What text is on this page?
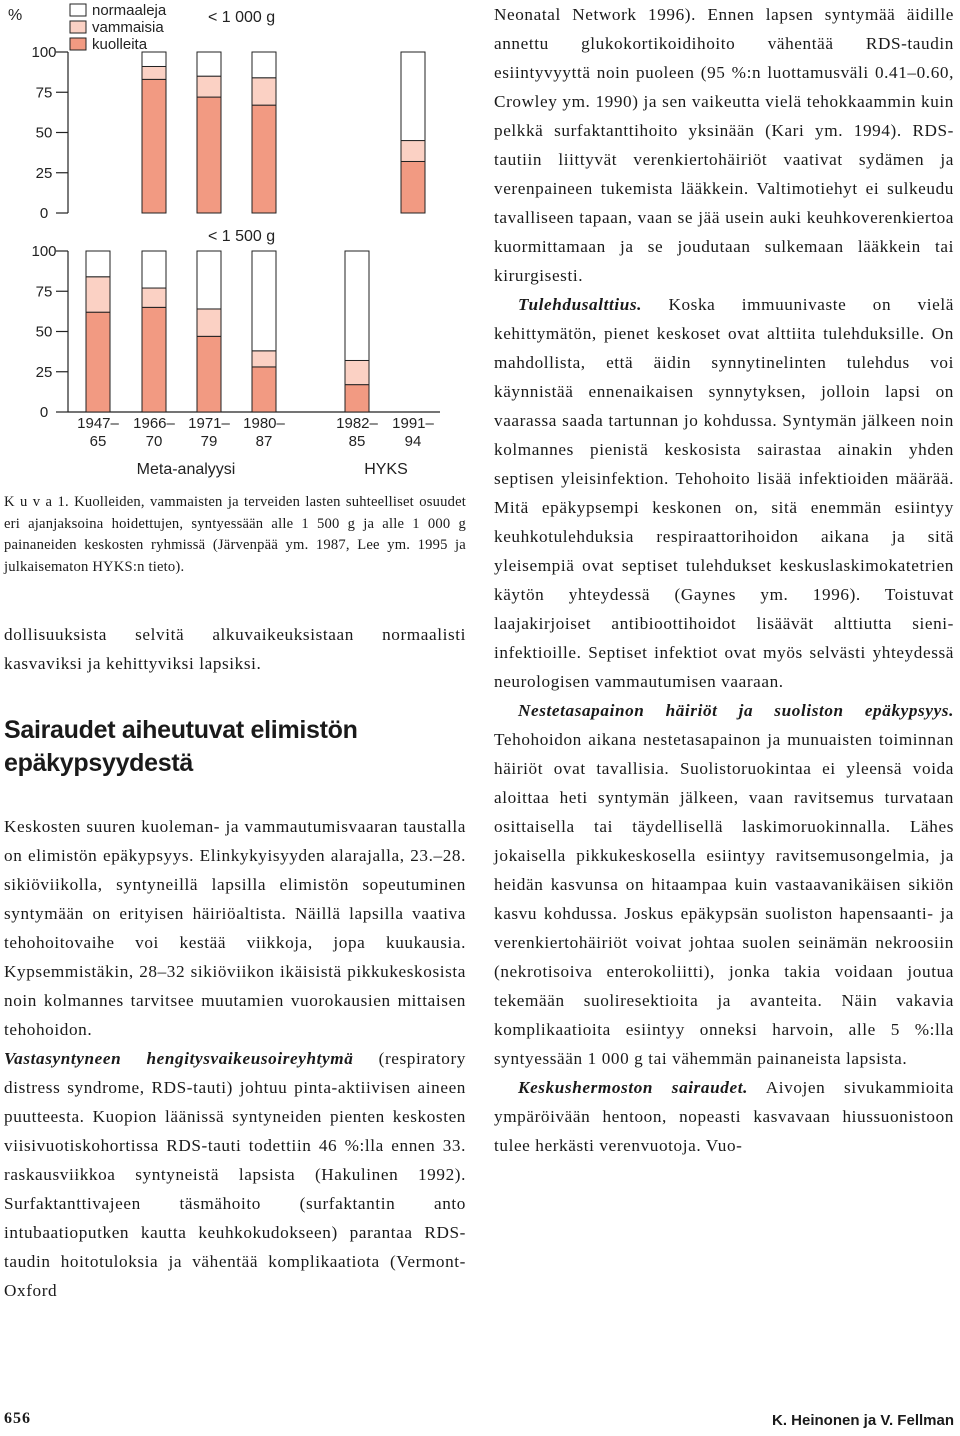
%
100
75
50
25
0
100
75
50
25
0
< 1 000 g
< 1 500 g
1947–
65
1966–
70
1971–
79
1980–
87
1982–
85
1991–
94
Meta-analyysi	HYKS
normaaleja
vammaisia
kuolleita
K u v a 1. Kuolleiden, vammaisten ja terveiden lasten suhteelliset osuudet eri ajanjaksoina hoidettujen, syntyessään alle 1 500 g ja alle 1 000 g painaneiden keskosten ryhmissä (Järvenpää ym. 1987, Lee ym. 1995 ja julkaisematon HYKS:n tieto).

dollisuuksista selvitä alkuvaikeuksistaan normaalisti kasvaviksi ja kehittyviksi lapsiksi.

Sairaudet aiheutuvat elimistön epäkypsyydestä

Keskosten suuren kuoleman- ja vammautumisvaaran taustalla on elimistön epäkypsyys. Elinkykyisyyden alarajalla, 23.–28. sikiöviikolla, syntyneillä lapsilla elimistön sopeutuminen syntymään on erityisen häiriöaltista. Näillä lapsilla vaativa tehohoitovaihe voi kestää viikkoja, jopa kuukausia. Kypsemmistäkin, 28–32 sikiöviikon ikäisistä pikkukeskosista noin kolmannes tarvitsee muutamien vuorokausien mittaisen tehohoidon.

Vastasyntyneen hengitysvaikeusoireyhtymä (respiratory distress syndrome, RDS-tauti) johtuu pinta-aktiivisen aineen puutteesta. Kuopion läänissä syntyneiden pienten keskosten viisivuotiskohortissa RDS-tauti todettiin 46 %:lla ennen 33. raskausviikkoa syntyneistä lapsista (Hakulinen 1992). Surfaktanttivajeen täsmähoito (surfaktantin anto intubaatioputken kautta keuhkokudokseen) parantaa RDS-taudin hoitotuloksia ja vähentää komplikaatiota (Vermont-Oxford

Neonatal Network 1996). Ennen lapsen syntymää äidille annettu glukokortikoidihoito vähentää RDS-taudin esiintyvyyttä noin puoleen (95 %:n luottamusväli 0.41–0.60, Crowley ym. 1990) ja sen vaikeutta vielä tehokkaammin kuin pelkkä surfaktanttihoito yksinään (Kari ym. 1994). RDS-tautiin liittyvät verenkiertohäiriöt vaativat sydämen ja verenpaineen tukemista lääkkein. Valtimotiehyt ei sulkeudu tavalliseen tapaan, vaan se jää usein auki keuhkoverenkiertoa kuormittamaan ja se joudutaan sulkemaan lääkkein tai kirurgisesti.

Tulehdusalttius. Koska immuunivaste on vielä kehittymätön, pienet keskoset ovat alttiita tulehduksille. On mahdollista, että äidin synnytinelinten tulehdus voi käynnistää ennenaikaisen synnytyksen, jolloin lapsi on vaarassa saada tartunnan jo kohdussa. Syntymän jälkeen noin kolmannes pienistä keskosista sairastaa ainakin yhden septisen yleisinfektion. Tehohoito lisää infektioiden määrää. Mitä epäkypsempi keskonen on, sitä enemmän esiintyy keuhkotulehduksia respiraattorihoidon aikana ja sitä yleisempiä ovat septiset tulehdukset keskuslaskimokatetrien käytön yhteydessä (Gaynes ym. 1996). Toistuvat laajakirjoiset antibioottihoidot lisäävät alttiutta sieni-infektioille. Septiset infektiot ovat myös selvästi yhteydessä neurologisen vammautumisen vaaraan.

Nestetasapainon häiriöt ja suoliston epäkypsyys. Tehohoidon aikana nestetasapainon ja munuaisten toiminnan häiriöt ovat tavallisia. Suolistoruokintaa ei yleensä voida aloittaa heti syntymän jälkeen, vaan ravitsemus turvataan osittaisella tai täydellisellä laskimoruokinnalla. Lähes jokaisella pikkukeskosella esiintyy ravitsemusongelmia, ja heidän kasvunsa on hitaampaa kuin vastaavanikäisen sikiön kasvu kohdussa. Joskus epäkypsän suoliston hapensaanti- ja verenkiertohäiriöt voivat johtaa suolen seinämän nekroosiin (nekrotisoiva enterokoliitti), jonka takia voidaan joutua tekemään suoliresektioita ja avanteita. Näin vakavia komplikaatioita esiintyy onneksi harvoin, alle 5 %:lla syntyessään 1 000 g tai vähemmän painaneista lapsista.

Keskushermoston sairaudet. Aivojen sivukammioita ympäröivään hentoon, nopeasti kasvavaan hiussuonistoon tulee herkästi verenvuotoja. Vuo-

656	K. Heinonen ja V. Fellman
